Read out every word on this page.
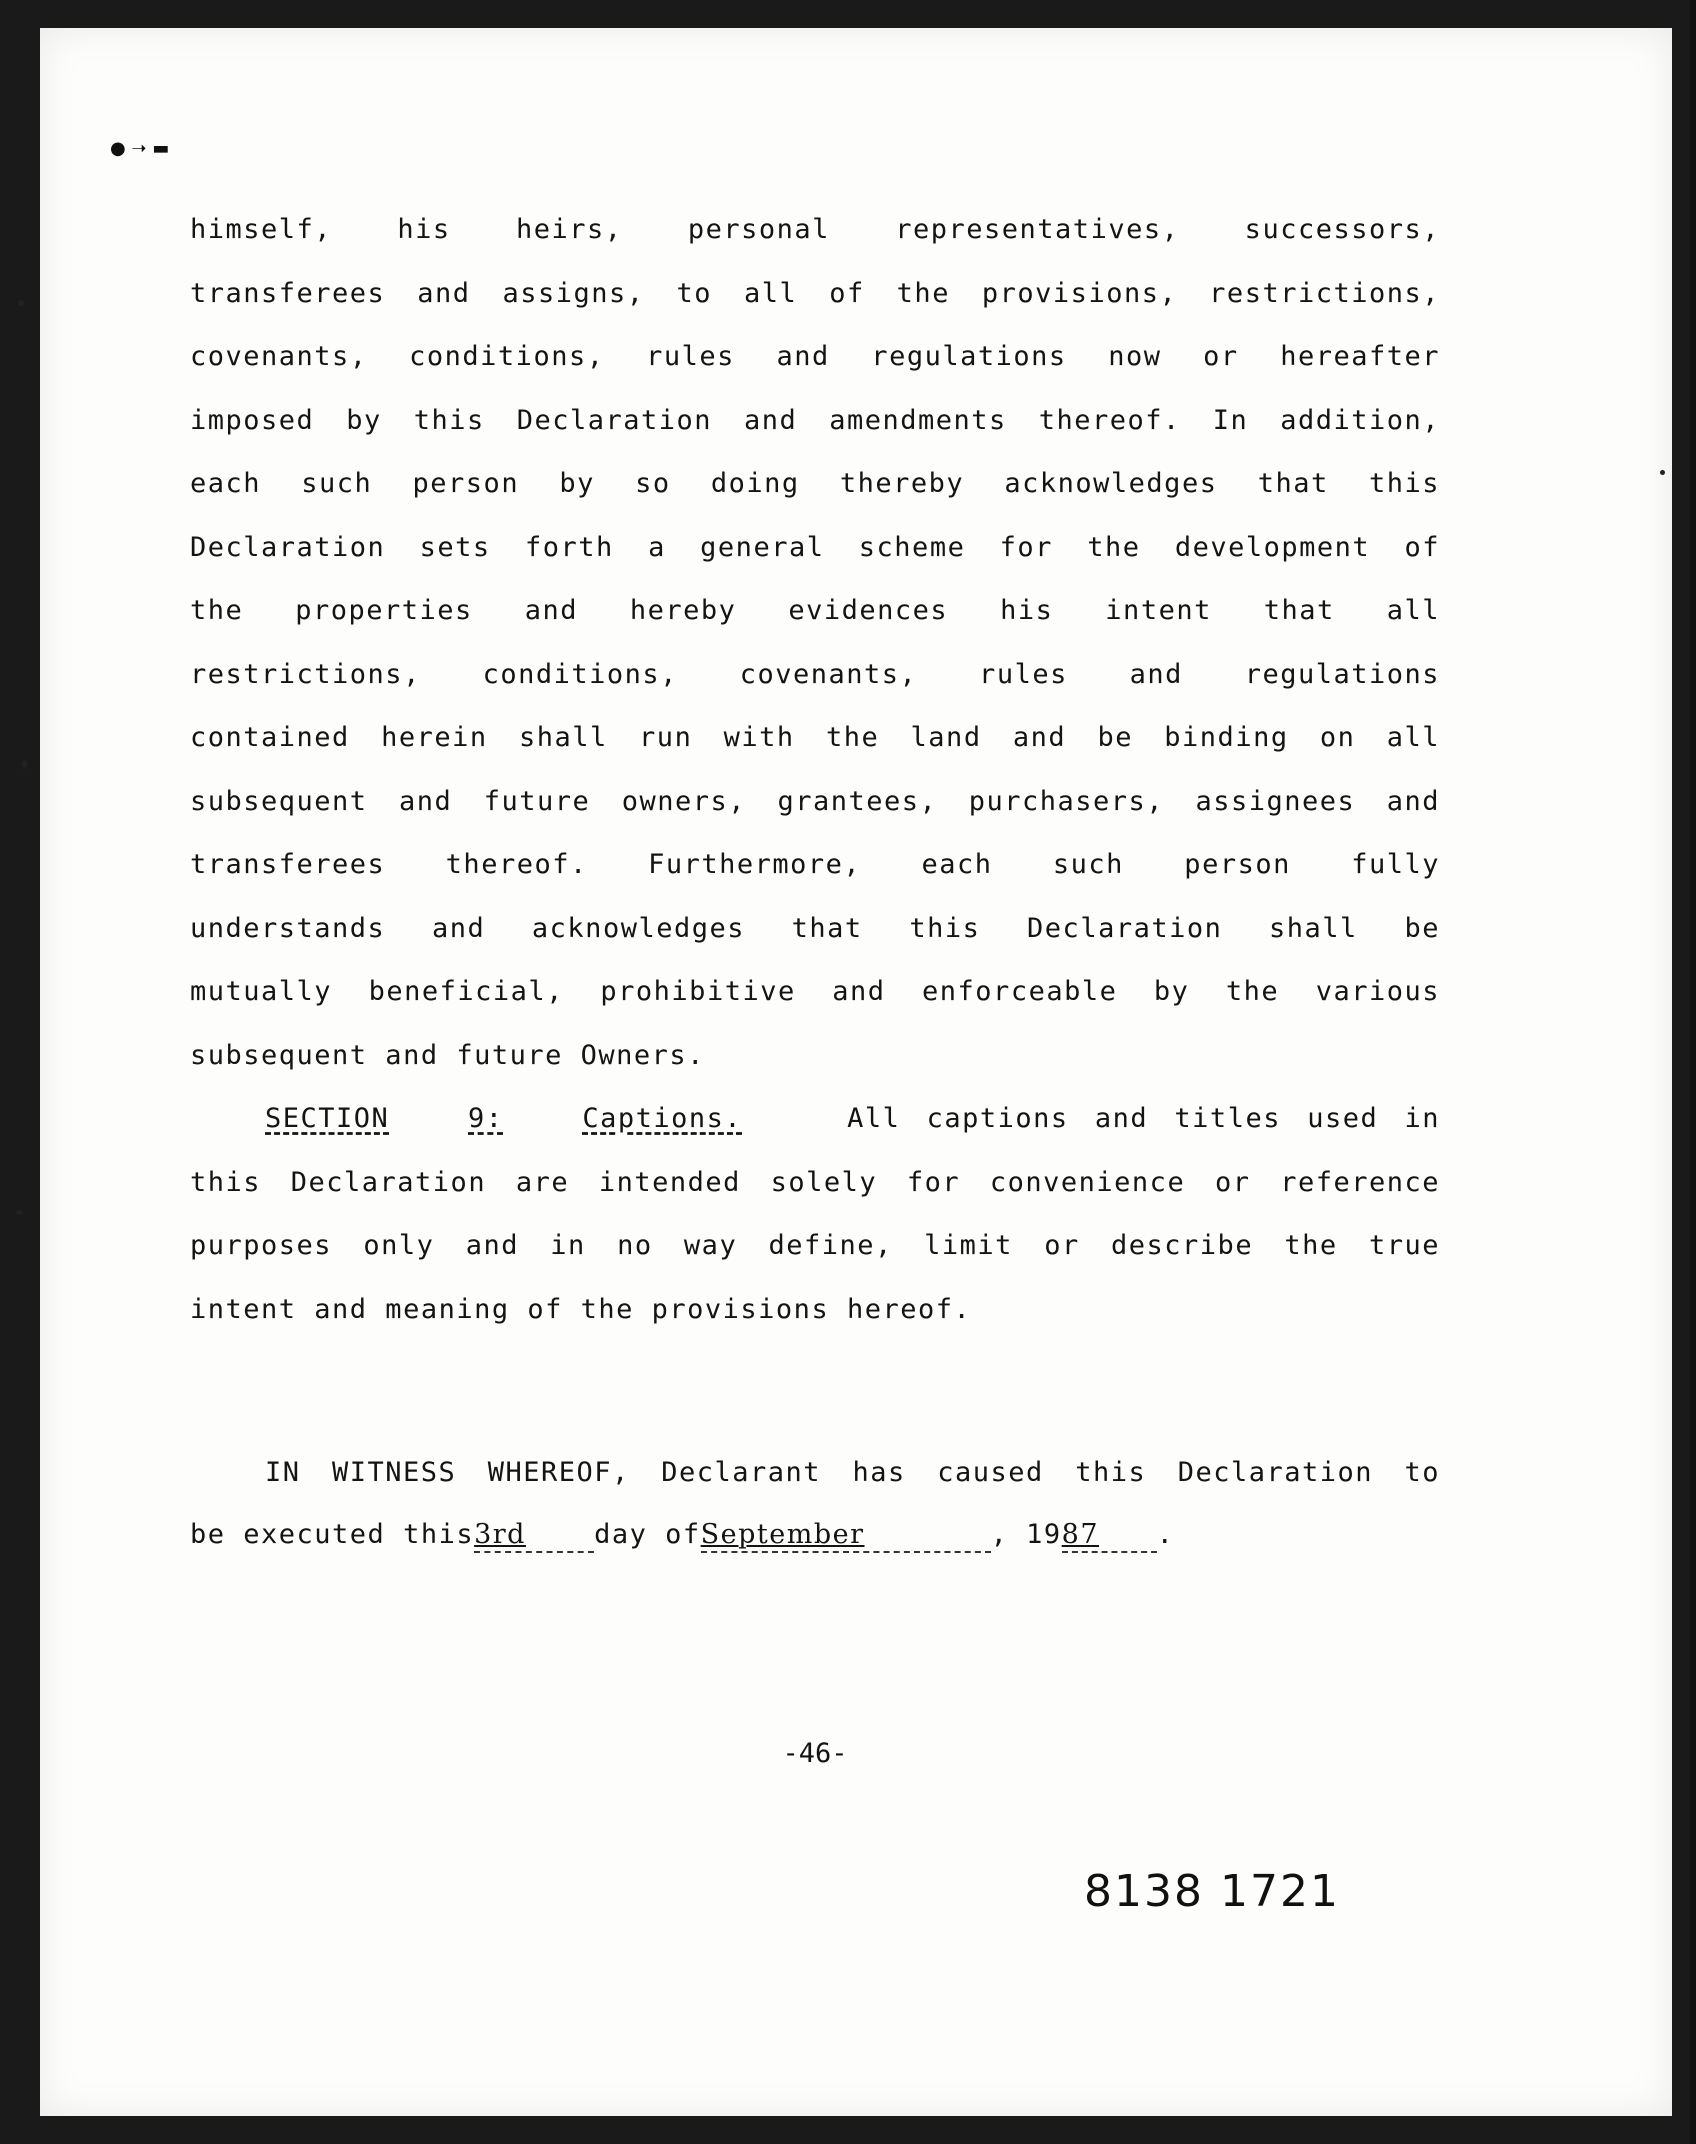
● ➝ ▬
himself, his heirs, personal representatives, successors,
transferees and assigns, to all of the provisions, restrictions,
covenants, conditions, rules and regulations now or hereafter
imposed by this Declaration and amendments thereof. In addition,
each such person by so doing thereby acknowledges that this
Declaration sets forth a general scheme for the development of
the properties and hereby evidences his intent that all
restrictions, conditions, covenants, rules and regulations
contained herein shall run with the land and be binding on all
subsequent and future owners, grantees, purchasers, assignees and
transferees thereof. Furthermore, each such person fully
understands and acknowledges that this Declaration shall be
mutually beneficial, prohibitive and enforceable by the various
subsequent and future Owners.
SECTION	9:	Captions.	All captions and titles used in
this Declaration are intended solely for convenience or reference
purposes only and in no way define, limit or describe the true
intent and meaning of the provisions hereof.
IN WITNESS WHEREOF, Declarant has caused this Declaration to
be executed this3rd	day ofSeptember	, 1987 .
-46-
8138 1721
